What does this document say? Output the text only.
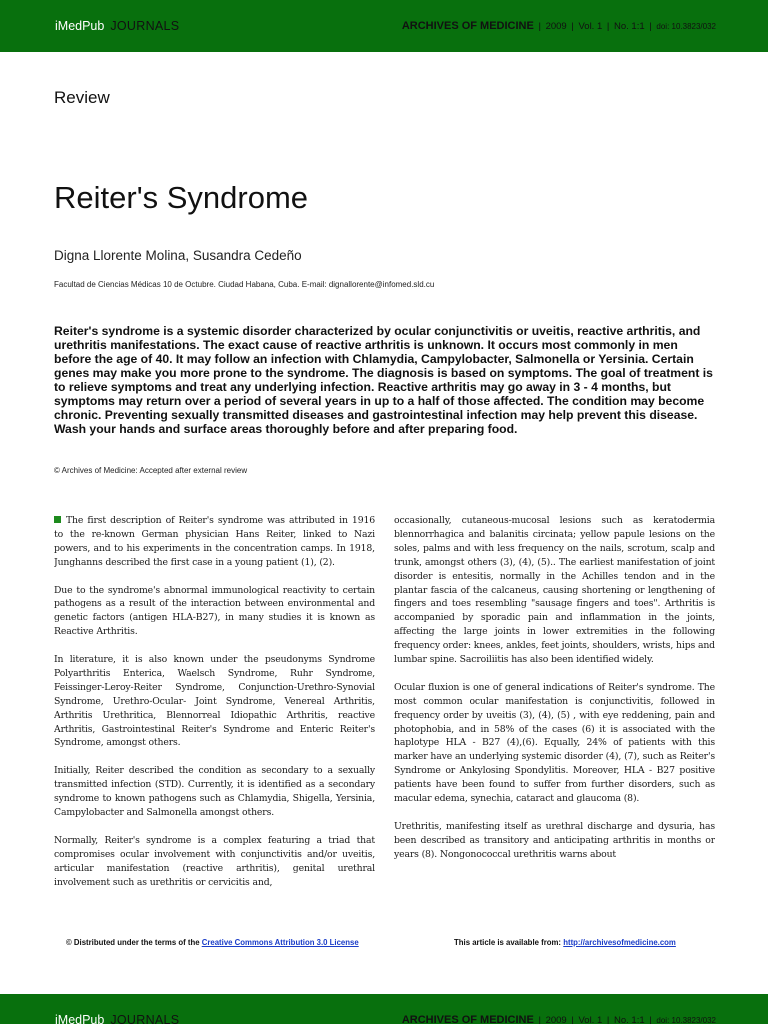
iMedPub JOURNALS	ARCHIVES OF MEDICINE | 2009 | Vol. 1 | No. 1:1 | doi: 10.3823/032
Review
Reiter's Syndrome
Digna Llorente Molina, Susandra Cedeño
Facultad de Ciencias Médicas 10 de Octubre. Ciudad Habana, Cuba. E-mail: dignallorente@infomed.sld.cu
Reiter's syndrome is a systemic disorder characterized by ocular conjunctivitis or uveitis, reactive arthritis, and urethritis manifestations. The exact cause of reactive arthritis is unknown. It occurs most commonly in men before the age of 40. It may follow an infection with Chlamydia, Campylobacter, Salmonella or Yersinia. Certain genes may make you more prone to the syndrome. The diagnosis is based on symptoms. The goal of treatment is to relieve symptoms and treat any underlying infection. Reactive arthritis may go away in 3 - 4 months, but symptoms may return over a period of several years in up to a half of those affected. The condition may become chronic. Preventing sexually transmitted diseases and gastrointestinal infection may help prevent this disease. Wash your hands and surface areas thoroughly before and after preparing food.
© Archives of Medicine: Accepted after external review

The first description of Reiter's syndrome was attributed in 1916 to the re-known German physician Hans Reiter, linked to Nazi powers, and to his experiments in the concentration camps. In 1918, Junghanns described the first case in a young patient (1), (2).

Due to the syndrome's abnormal immunological reactivity to certain pathogens as a result of the interaction between environmental and genetic factors (antigen HLA-B27), in many studies it is known as Reactive Arthritis.

In literature, it is also known under the pseudonyms Syndrome Polyarthritis Enterica, Waelsch Syndrome, Ruhr Syndrome, Feissinger-Leroy-Reiter Syndrome, Conjunction-Urethro-Synovial Syndrome, Urethro-Ocular- Joint Syndrome, Venereal Arthritis, Arthritis Urethritica, Blennorreal Idiopathic Arthritis, reactive Arthritis, Gastrointestinal Reiter's Syndrome and Enteric Reiter's Syndrome, amongst others.

Initially, Reiter described the condition as secondary to a sexually transmitted infection (STD). Currently, it is identified as a secondary syndrome to known pathogens such as Chlamydia, Shigella, Yersinia, Campylobacter and Salmonella amongst others.

Normally, Reiter's syndrome is a complex featuring a triad that compromises ocular involvement with conjunctivitis and/or uveitis, articular manifestation (reactive arthritis), genital urethral involvement such as urethritis or cervicitis and,

occasionally, cutaneous-mucosal lesions such as keratodermia blennorrhagica and balanitis circinata; yellow papule lesions on the soles, palms and with less frequency on the nails, scrotum, scalp and trunk, amongst others (3), (4), (5).. The earliest manifestation of joint disorder is entesitis, normally in the Achilles tendon and in the plantar fascia of the calcaneus, causing shortening or lengthening of fingers and toes resembling "sausage fingers and toes". Arthritis is accompanied by sporadic pain and inflammation in the joints, affecting the large joints in lower extremities in the following frequency order: knees, ankles, feet joints, shoulders, wrists, hips and lumbar spine. Sacroiliitis has also been identified widely.

Ocular fluxion is one of general indications of Reiter's syndrome. The most common ocular manifestation is conjunctivitis, followed in frequency order by uveitis (3), (4), (5) , with eye reddening, pain and photophobia, and in 58% of the cases (6) it is associated with the haplotype HLA - B27 (4),(6). Equally, 24% of patients with this marker have an underlying systemic disorder (4), (7), such as Reiter's Syndrome or Ankylosing Spondylitis. Moreover, HLA - B27 positive patients have been found to suffer from further disorders, such as macular edema, synechia, cataract and glaucoma (8).

Urethritis, manifesting itself as urethral discharge and dysuria, has been described as transitory and anticipating arthritis in months or years (8). Nongonococcal urethritis warns about

© Distributed under the terms of the Creative Commons Attribution 3.0 License	This article is available from: http://archivesofmedicine.com
iMedPub JOURNALS	ARCHIVES OF MEDICINE | 2009 | Vol. 1 | No. 1:1 | doi: 10.3823/032
